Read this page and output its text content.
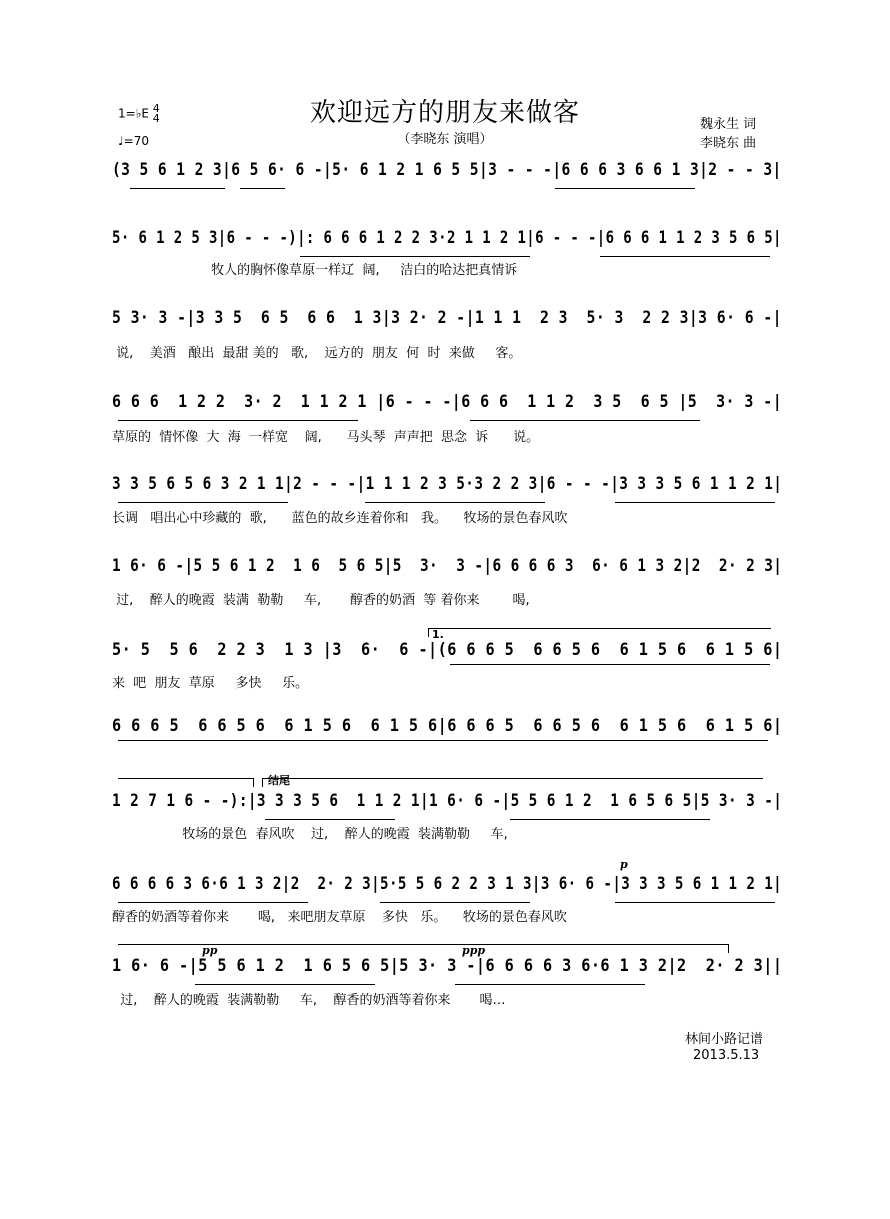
欢迎远方的朋友来做客
（李晓东 演唱）
魏永生 词
李晓东 曲
1=♭E 4
4
♩=70
(3 5 6 1 2 3|6 5 6· 6 -|5· 6 1 2 1 6 5 5|3 - - -|6 6 6 3 6 6 1 3|2 - - 3|
5· 6 1 2 5 3|6 - - -)|: 6 6 6 1 2 2 3·2 1 1 2 1|6 - - -|6 6 6 1 1 2 3 5 6 5|
牧人的胸怀像草原一样辽  阔,     洁白的哈达把真情诉
5 3· 3 -|3 3 5  6 5  6 6  1 3|3 2· 2 -|1 1 1  2 3  5· 3  2 2 3|3 6· 6 -|
说,    美酒   酿出  最甜 美的   歌,    远方的  朋友  何  时  来做     客。
6 6 6  1 2 2  3· 2  1 1 2 1 |6 - - -|6 6 6  1 1 2  3 5  6 5 |5  3· 3 -|
草原的  情怀像  大  海  一样宽    阔,      马头琴  声声把  思念  诉      说。
3 3 5 6 5 6 3 2 1 1|2 - - -|1 1 1 2 3 5·3 2 2 3|6 - - -|3 3 3 5 6 1 1 2 1|
长调   唱出心中珍藏的  歌,      蓝色的故乡连着你和   我。    牧场的景色春风吹
1 6· 6 -|5 5 6 1 2  1 6  5 6 5|5  3·  3 -|6 6 6 6 3  6· 6 1 3 2|2  2· 2 3|
过,    醉人的晚霞  装满  勒勒     车,       醇香的奶酒  等 着你来        喝,
5· 5  5 6  2 2 3  1 3 |3  6·  6 -|(6 6 6 5  6 6 5 6  6 1 5 6  6 1 5 6|
来  吧  朋友  草原     多快     乐。
6 6 6 5  6 6 5 6  6 1 5 6  6 1 5 6|6 6 6 5  6 6 5 6  6 1 5 6  6 1 5 6|
1 2 7 1 6 - -):|3 3 3 5 6  1 1 2 1|1 6· 6 -|5 5 6 1 2  1 6 5 6 5|5 3· 3 -|
牧场的景色  春风吹    过,    醉人的晚霞  装满勒勒     车,
6 6 6 6 3 6·6 1 3 2|2  2· 2 3|5·5 5 6 2 2 3 1 3|3 6· 6 -|3 3 3 5 6 1 1 2 1|
醇香的奶酒等着你来       喝,   来吧朋友草原    多快   乐。    牧场的景色春风吹
1 6· 6 -|5 5 6 1 2  1 6 5 6 5|5 3· 3 -|6 6 6 6 3 6·6 1 3 2|2  2· 2 3||
过,    醉人的晚霞  装满勒勒     车,    醇香的奶酒等着你来       喝…
1.
结尾
p
pp	ppp
林间小路记谱
2013.5.13
